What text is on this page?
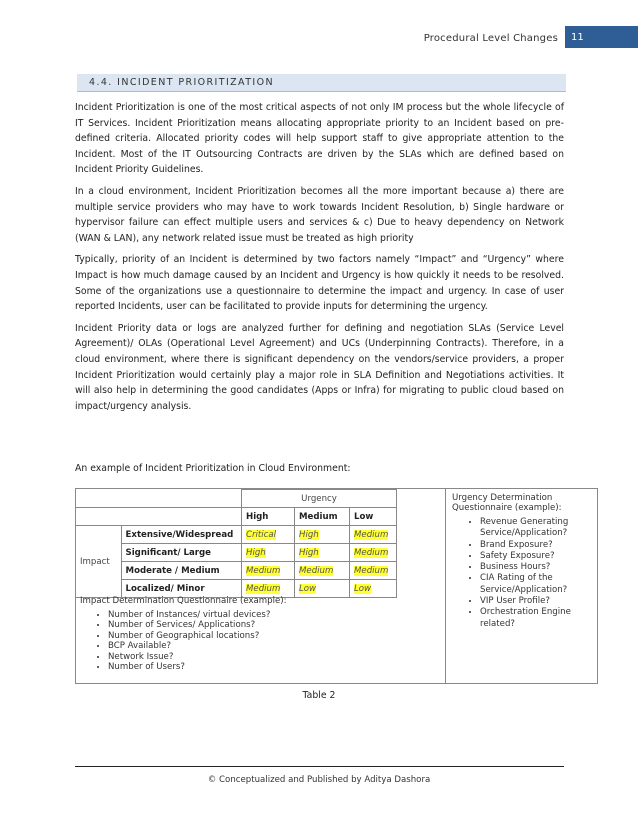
Procedural Level Changes 11
4.4. INCIDENT PRIORITIZATION

Incident Prioritization is one of the most critical aspects of not only IM process but the whole lifecycle of IT Services. Incident Prioritization means allocating appropriate priority to an Incident based on pre-defined criteria. Allocated priority codes will help support staff to give appropriate attention to the Incident. Most of the IT Outsourcing Contracts are driven by the SLAs which are defined based on Incident Priority Guidelines.

In a cloud environment, Incident Prioritization becomes all the more important because a) there are multiple service providers who may have to work towards Incident Resolution, b) Single hardware or hypervisor failure can effect multiple users and services & c) Due to heavy dependency on Network (WAN & LAN), any network related issue must be treated as high priority

Typically, priority of an Incident is determined by two factors namely “Impact” and “Urgency” where Impact is how much damage caused by an Incident and Urgency is how quickly it needs to be resolved. Some of the organizations use a questionnaire to determine the impact and urgency. In case of user reported Incidents, user can be facilitated to provide inputs for determining the urgency.

Incident Priority data or logs are analyzed further for defining and negotiation SLAs (Service Level Agreement)/ OLAs (Operational Level Agreement) and UCs (Underpinning Contracts). Therefore, in a cloud environment, where there is significant dependency on the vendors/service providers, a proper Incident Prioritization would certainly play a major role in SLA Definition and Negotiations activities. It will also help in determining the good candidates (Apps or Infra) for migrating to public cloud based on impact/urgency analysis.

An example of Incident Prioritization in Cloud Environment:
		Urgency		
		High	Medium	Low
Impact	Extensive/Widespread	Critical	High	Medium
	Significant/ Large	High	High	Medium
	Moderate / Medium	Medium	Medium	Medium
	Localized/ Minor	Medium	Low	Low
Urgency Determination Questionnaire (example):
• Revenue Generating Service/Application?
• Brand Exposure?
• Safety Exposure?
• Business Hours?
• CIA Rating of the Service/Application?
• VIP User Profile?
• Orchestration Engine related?
Impact Determination Questionnaire (example):
• Number of Instances/ virtual devices?
• Number of Services/ Applications?
• Number of Geographical locations?
• BCP Available?
• Network Issue?
• Number of Users?
Table 2
© Conceptualized and Published by Aditya Dashora
